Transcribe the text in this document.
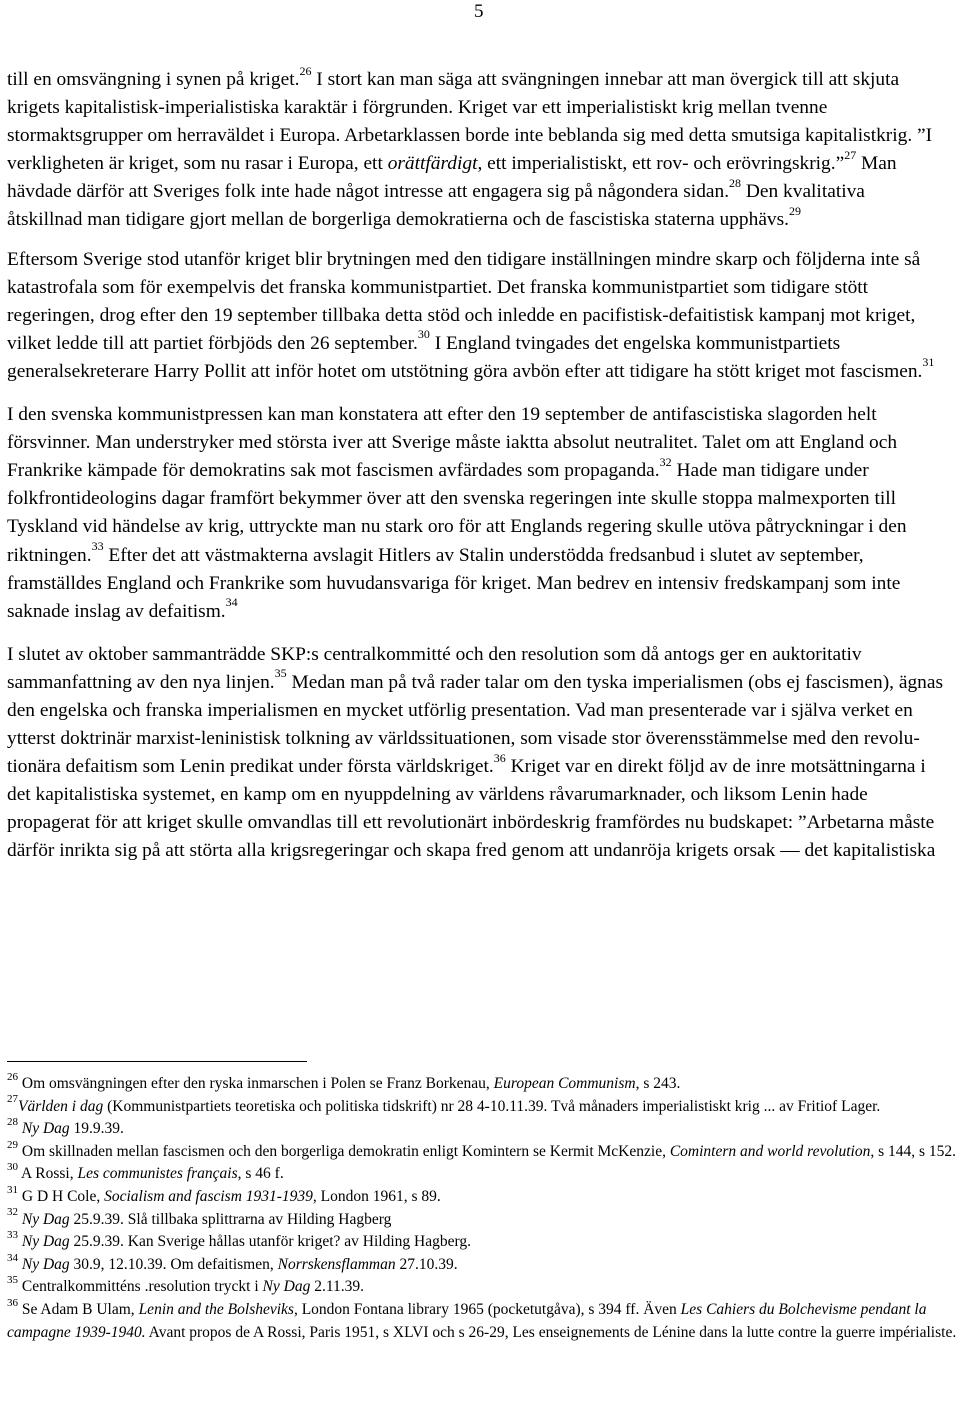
5

till en omsvängning i synen på kriget.$^{26}$ I stort kan man säga att svängningen innebar att man övergick till att skjuta krigets kapitalistisk-imperialistiska karaktär i förgrunden. Kriget var ett imperialistiskt krig mellan tvenne stormaktsgrupper om herraväldet i Europa. Arbetarklassen borde inte beblanda sig med detta smutsiga kapitalistkrig. ”I verkligheten är kriget, som nu rasar i Europa, ett orättfärdigt, ett imperialistiskt, ett rov- och erövringskrig.”$^{27}$ Man hävdade därför att Sveriges folk inte hade något intresse att engagera sig på någondera sidan.$^{28}$ Den kvalitativa åtskillnad man tidigare gjort mellan de borgerliga demokratierna och de fascistiska staterna upphävs.$^{29}$

Eftersom Sverige stod utanför kriget blir brytningen med den tidigare inställningen mindre skarp och följderna inte så katastrofala som för exempelvis det franska kommunistpartiet. Det franska kommunistpartiet som tidigare stött regeringen, drog efter den 19 september tillbaka detta stöd och inledde en pacifistisk-defaitistisk kampanj mot kriget, vilket ledde till att partiet förbjöds den 26 september.$^{30}$ I England tvingades det engelska kommunistpartiets generalsekreterare Harry Pollit att inför hotet om utstötning göra avbön efter att tidigare ha stött kriget mot fascismen.$^{31}$

I den svenska kommunistpressen kan man konstatera att efter den 19 september de antifascistiska slagorden helt försvinner. Man understryker med största iver att Sverige måste iaktta absolut neutralitet. Talet om att England och Frankrike kämpade för demokratins sak mot fascismen avfärdades som propaganda.$^{32}$ Hade man tidigare under folkfrontideologins dagar framfört bekymmer över att den svenska regeringen inte skulle stoppa malmexporten till Tyskland vid händelse av krig, uttryckte man nu stark oro för att Englands regering skulle utöva påtryckningar i den riktningen.$^{33}$ Efter det att västmakterna avslagit Hitlers av Stalin understödda fredsanbud i slutet av september, framställdes England och Frankrike som huvudansvariga för kriget. Man bedrev en intensiv fredskampanj som inte saknade inslag av defaitism.$^{34}$

I slutet av oktober sammanträdde SKP:s centralkommitté och den resolution som då antogs ger en auktoritativ sammanfattning av den nya linjen.$^{35}$ Medan man på två rader talar om den tyska imperialismen (obs ej fascismen), ägnas den engelska och franska imperialismen en mycket utförlig presentation. Vad man presenterade var i själva verket en ytterst doktrinär marxist-leninistisk tolkning av världssituationen, som visade stor överensstämmelse med den revolu-tionära defaitism som Lenin predikat under första världskriget.$^{36}$ Kriget var en direkt följd av de inre motsättningarna i det kapitalistiska systemet, en kamp om en nyuppdelning av världens råvarumarknader, och liksom Lenin hade propagerat för att kriget skulle omvandlas till ett revolutionärt inbördeskrig framfördes nu budskapet: ”Arbetarna måste därför inrikta sig på att störta alla krigsregeringar och skapa fred genom att undanröja krigets orsak — det kapitalistiska

$^{26}$ Om omsvängningen efter den ryska inmarschen i Polen se Franz Borkenau, European Communism, s 243.

$^{27}$Världen i dag (Kommunistpartiets teoretiska och politiska tidskrift) nr 28 4-10.11.39. Två månaders imperialistiskt krig ... av Fritiof Lager.

$^{28}$ Ny Dag 19.9.39.

$^{29}$ Om skillnaden mellan fascismen och den borgerliga demokratin enligt Komintern se Kermit McKenzie, Comintern and world revolution, s 144, s 152.

$^{30}$ A Rossi, Les communistes français, s 46 f.

$^{31}$ G D H Cole, Socialism and fascism 1931-1939, London 1961, s 89.

$^{32}$ Ny Dag 25.9.39. Slå tillbaka splittrarna av Hilding Hagberg

$^{33}$ Ny Dag 25.9.39. Kan Sverige hållas utanför kriget? av Hilding Hagberg.

$^{34}$ Ny Dag 30.9, 12.10.39. Om defaitismen, Norrskensflamman 27.10.39.

$^{35}$ Centralkommitténs .resolution tryckt i Ny Dag 2.11.39.

$^{36}$ Se Adam B Ulam, Lenin and the Bolsheviks, London Fontana library 1965 (pocketutgåva), s 394 ff. Även Les Cahiers du Bolchevisme pendant la campagne 1939-1940. Avant propos de A Rossi, Paris 1951, s XLVI och s 26-29, Les enseignements de Lénine dans la lutte contre la guerre impérialiste.
